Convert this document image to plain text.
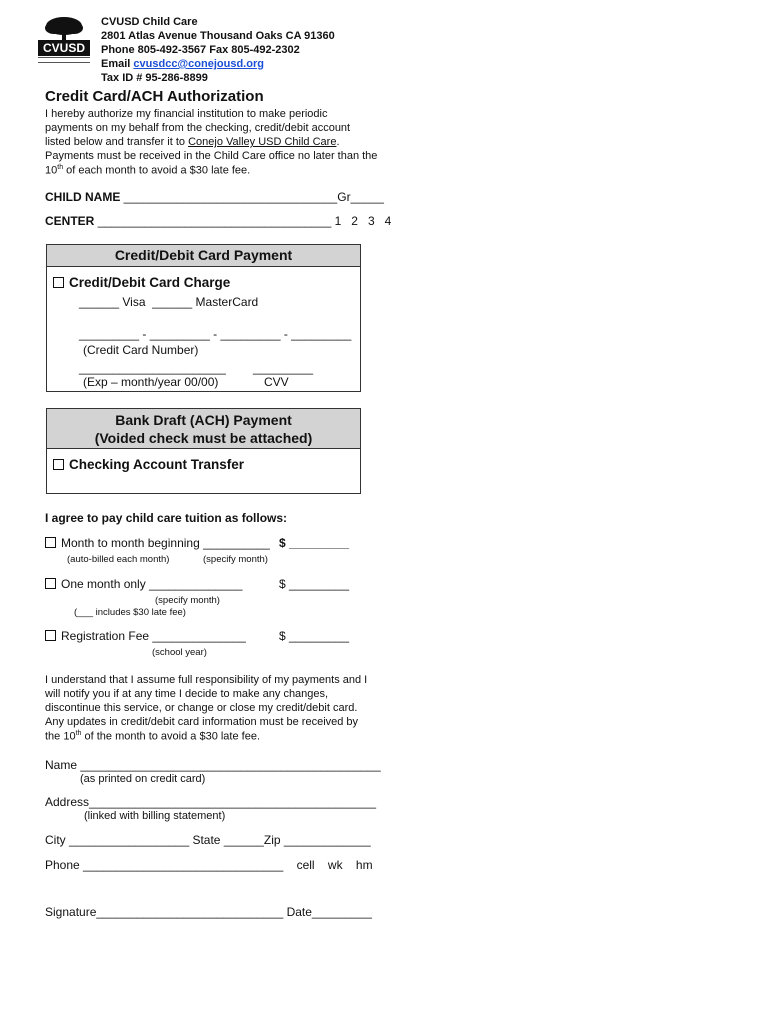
CVUSD
CVUSD Child Care
2801 Atlas Avenue Thousand Oaks CA 91360
Phone 805-492-3567 Fax 805-492-2302
Email cvusdcc@conejousd.org
Tax ID # 95-286-8899
Credit Card/ACH Authorization
I hereby authorize my financial institution to make periodic
payments on my behalf from the checking, credit/debit account
listed below and transfer it to Conejo Valley USD Child Care.
Payments must be received in the Child Care office no later than the
10th of each month to avoid a $30 late fee.
CHILD NAME ________________________________Gr_____
CENTER ___________________________________ 1   2   3   4
Credit/Debit Card Payment
Credit/Debit Card Charge
______ Visa  ______ MasterCard
_________ - _________ - _________ - _________
(Credit Card Number)
______________________ _________
(Exp – month/year 00/00)	CVV
Bank Draft (ACH) Payment
(Voided check must be attached)
Checking Account Transfer
I agree to pay child care tuition as follows:
Month to month beginning __________ $ _________
(auto-billed each month)	(specify month)
One month only ______________	$ _________
(specify month)
(___ includes $30 late fee)
Registration Fee ______________	$ _________
(school year)
I understand that I assume full responsibility of my payments and I
will notify you if at any time I decide to make any changes,
discontinue this service, or change or close my credit/debit card.
Any updates in credit/debit card information must be received by
the 10th of the month to avoid a $30 late fee.
Name _____________________________________________
(as printed on credit card)
Address___________________________________________
(linked with billing statement)
City __________________ State ______Zip _____________
Phone ______________________________    cell    wk    hm
Signature____________________________ Date_________
